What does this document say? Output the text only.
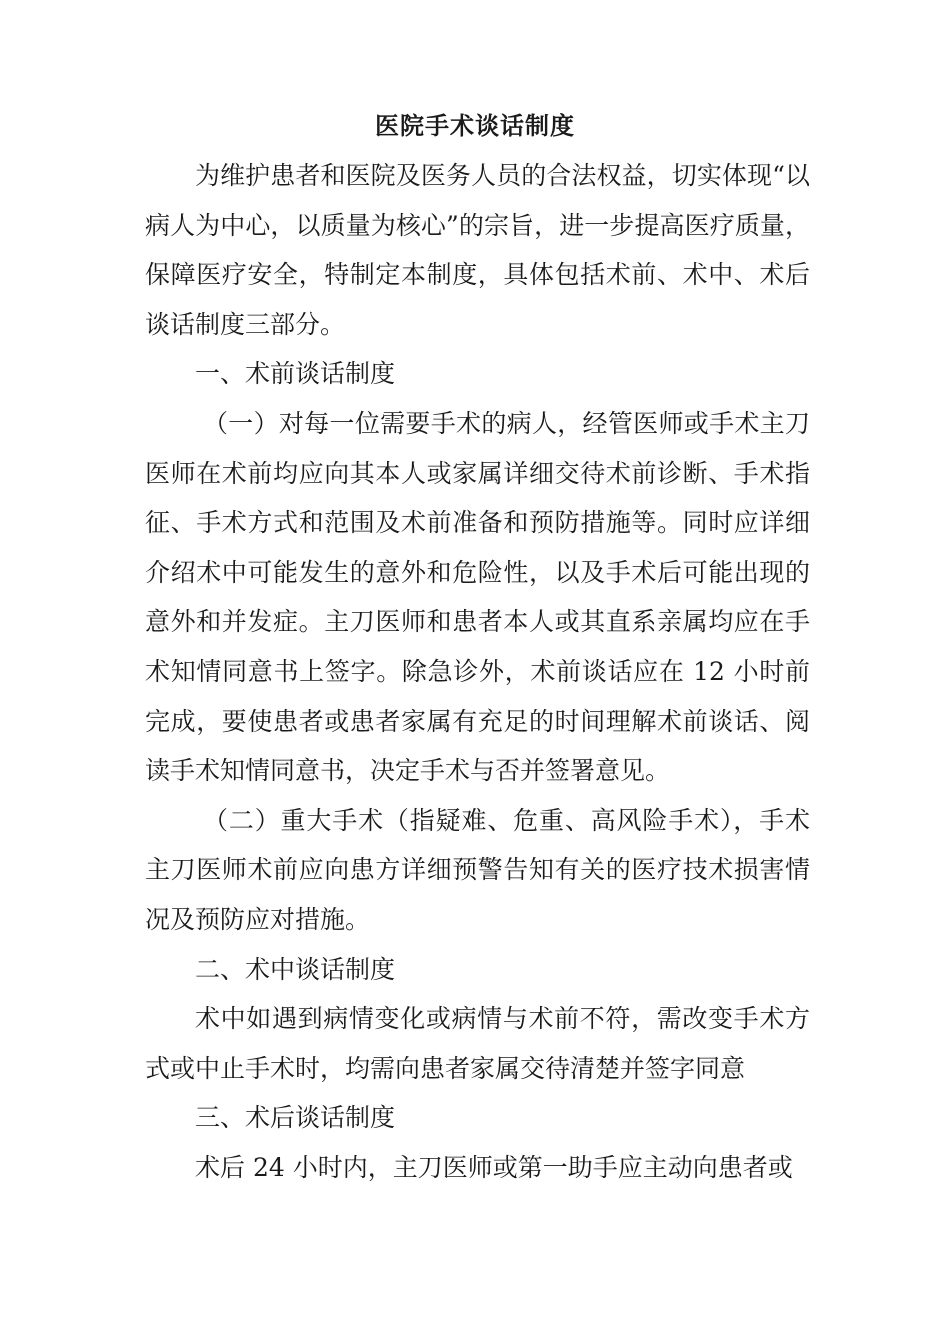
医院手术谈话制度

为维护患者和医院及医务人员的合法权益，切实体现“以病人为中心，以质量为核心”的宗旨，进一步提高医疗质量，保障医疗安全，特制定本制度，具体包括术前、术中、术后谈话制度三部分。

一、术前谈话制度

（一）对每一位需要手术的病人，经管医师或手术主刀医师在术前均应向其本人或家属详细交待术前诊断、手术指征、手术方式和范围及术前准备和预防措施等。同时应详细介绍术中可能发生的意外和危险性，以及手术后可能出现的意外和并发症。主刀医师和患者本人或其直系亲属均应在手术知情同意书上签字。除急诊外，术前谈话应在 12 小时前完成，要使患者或患者家属有充足的时间理解术前谈话、阅读手术知情同意书，决定手术与否并签署意见。

（二）重大手术（指疑难、危重、高风险手术），手术主刀医师术前应向患方详细预警告知有关的医疗技术损害情况及预防应对措施。

二、术中谈话制度

术中如遇到病情变化或病情与术前不符，需改变手术方式或中止手术时，均需向患者家属交待清楚并签字同意

三、术后谈话制度

术后 24 小时内，主刀医师或第一助手应主动向患者或
